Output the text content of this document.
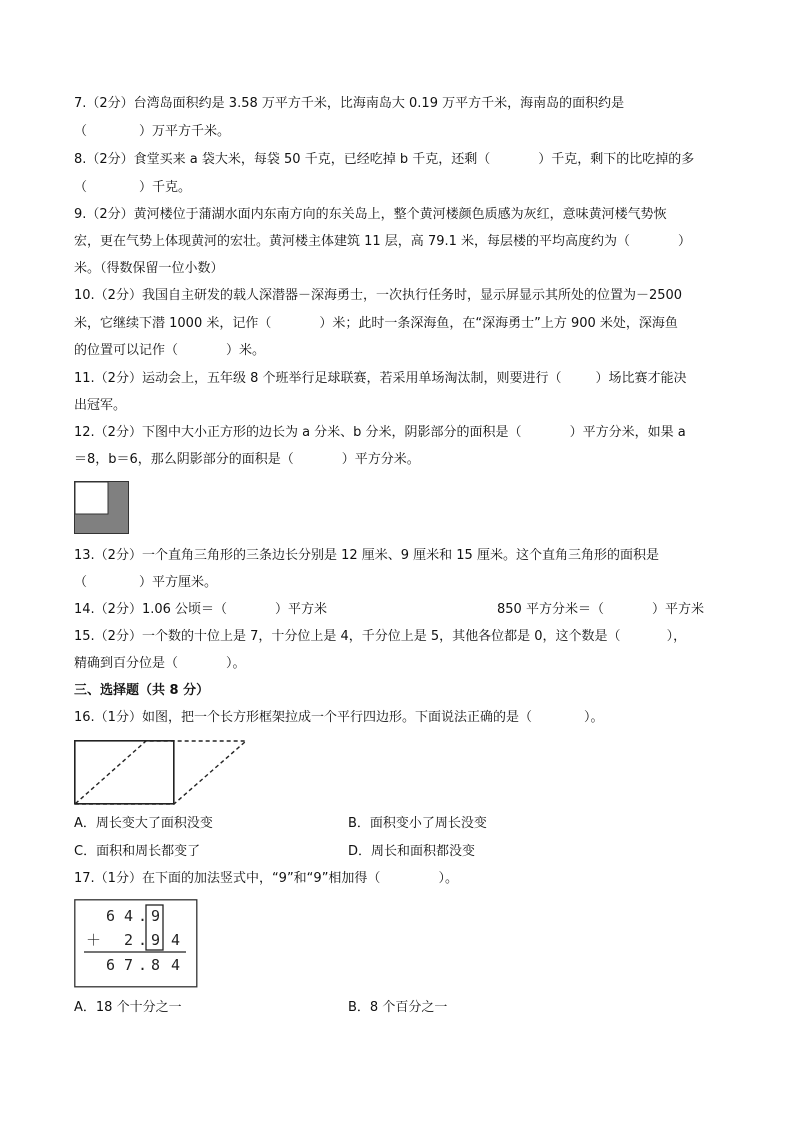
7.（2分）台湾岛面积约是 3.58 万平方千米，比海南岛大 0.19 万平方千米，海南岛的面积约是
（	）万平方千米。
8.（2分）食堂买来 a 袋大米，每袋 50 千克，已经吃掉 b 千克，还剩（	）千克，剩下的比吃掉的多
（	）千克。
9.（2分）黄河楼位于蒲湖水面内东南方向的东关岛上，整个黄河楼颜色质感为灰红，意味黄河楼气势恢
宏，更在气势上体现黄河的宏壮。黄河楼主体建筑 11 层，高 79.1 米，每层楼的平均高度约为（	）
米。（得数保留一位小数）
10.（2分）我国自主研发的载人深潜器－深海勇士，一次执行任务时，显示屏显示其所处的位置为－2500
米，它继续下潜 1000 米，记作（	）米；此时一条深海鱼，在“深海勇士”上方 900 米处，深海鱼
的位置可以记作（	）米。
11.（2分）运动会上，五年级 8 个班举行足球联赛，若采用单场淘汰制，则要进行（	）场比赛才能决
出冠军。
12.（2分）下图中大小正方形的边长为 a 分米、b 分米，阴影部分的面积是（	）平方分米，如果 a
＝8，b＝6，那么阴影部分的面积是（	）平方分米。
13.（2分）一个直角三角形的三条边长分别是 12 厘米、9 厘米和 15 厘米。这个直角三角形的面积是
（	）平方厘米。
14.（2分）1.06 公顷＝（	）平方米	850 平方分米＝（	）平方米
15.（2分）一个数的十位上是 7，十分位上是 4，千分位上是 5，其他各位都是 0，这个数是（	），
精确到百分位是（	）。
三、选择题（共 8 分）
16.（1分）如图，把一个长方形框架拉成一个平行四边形。下面说法正确的是（	）。
A．周长变大了面积没变	B．面积变小了周长没变
C．面积和周长都变了	D．周长和面积都没变
17.（1分）在下面的加法竖式中，“9”和“9”相加得（	）。
6 4 . 9
＋ 2 . 9 4
6 7 . 8 4
A．18 个十分之一	B．8 个百分之一
